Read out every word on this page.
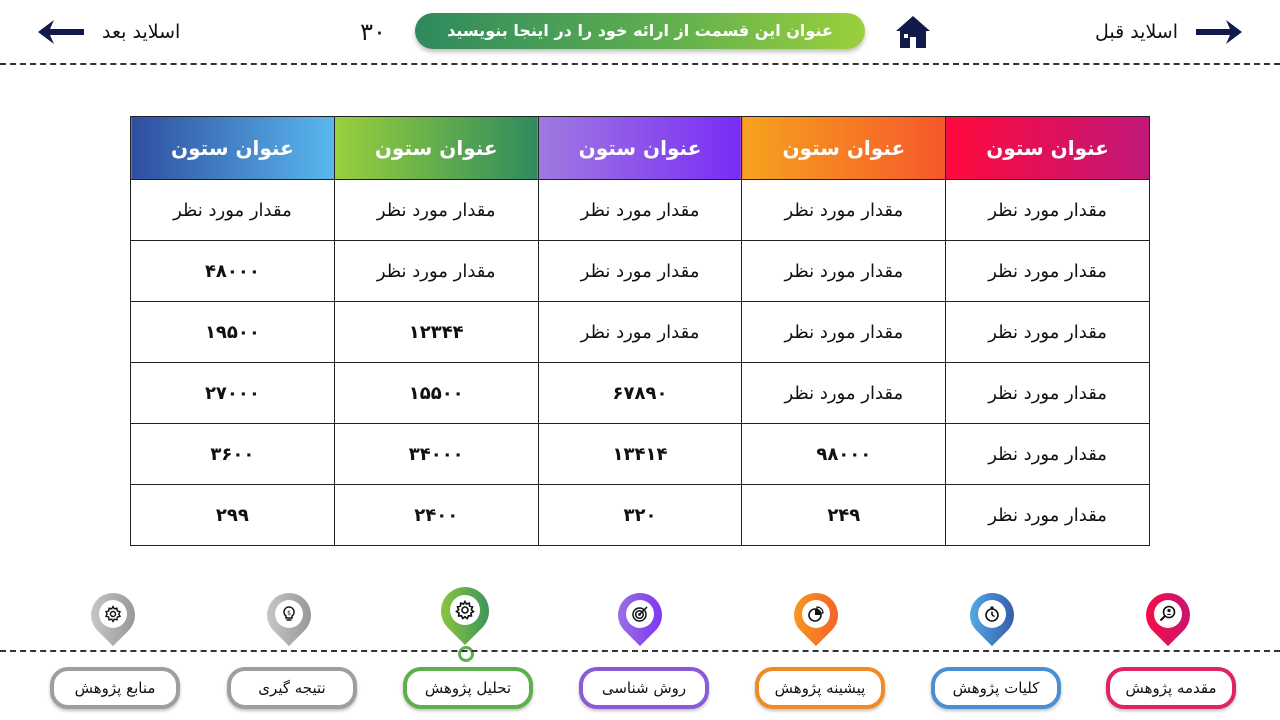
اسلاید بعد	۳۰	عنوان این قسمت از ارائه خود را در اینجا بنویسید	اسلاید قبل
عنوان ستون	عنوان ستون	عنوان ستون	عنوان ستون	عنوان ستون
مقدار مورد نظر	مقدار مورد نظر	مقدار مورد نظر	مقدار مورد نظر	مقدار مورد نظر
مقدار مورد نظر	مقدار مورد نظر	مقدار مورد نظر	مقدار مورد نظر	۴۸۰۰۰
مقدار مورد نظر	مقدار مورد نظر	مقدار مورد نظر	۱۲۳۴۴	۱۹۵۰۰
مقدار مورد نظر	مقدار مورد نظر	۶۷۸۹۰	۱۵۵۰۰	۲۷۰۰۰
مقدار مورد نظر	۹۸۰۰۰	۱۳۴۱۴	۳۴۰۰۰	۳۶۰۰
مقدار مورد نظر	۲۴۹	۳۲۰	۲۴۰۰	۲۹۹
$
مقدمه پژوهش
کلیات پژوهش
پیشینه پژوهش
روش شناسی
تحلیل پژوهش
نتیجه گیری
منابع پژوهش
